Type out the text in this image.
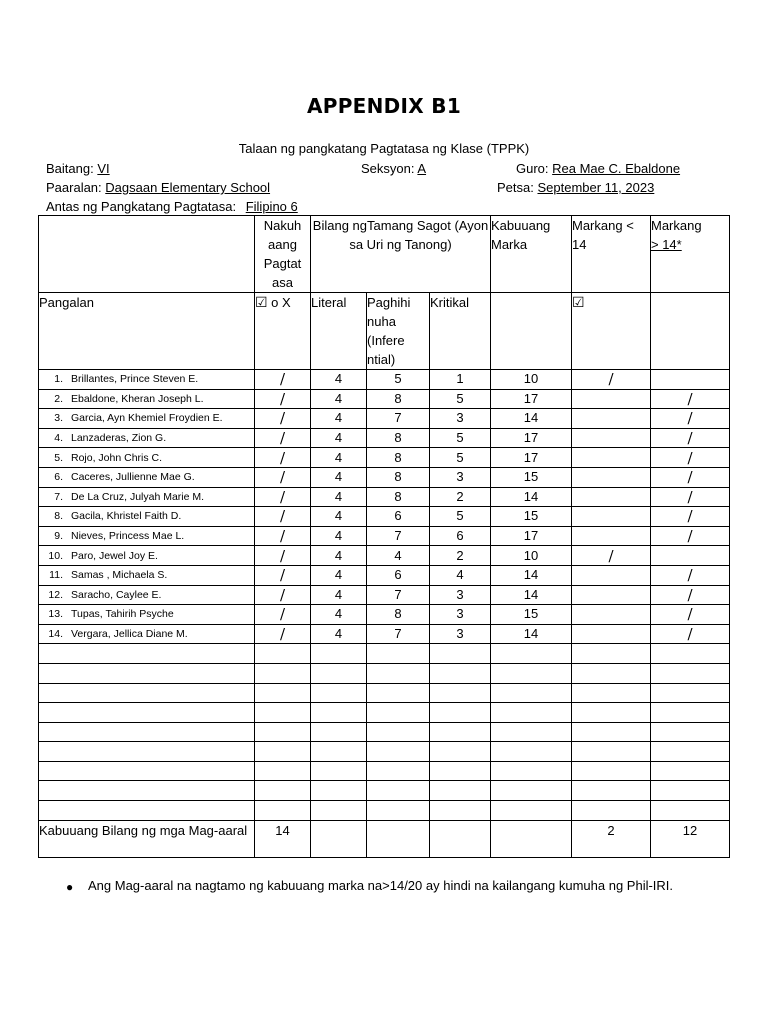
APPENDIX B1
Talaan ng pangkatang Pagtatasa ng Klase (TPPK)
Baitang: VI	Seksyon: A	Guro: Rea Mae C. Ebaldone
Paaralan: Dagsaan Elementary School	Petsa: September 11, 2023
Antas ng Pangkatang Pagtatasa: Filipino 6
	Nakuh aang Pagtat asa	Bilang ngTamang Sagot (Ayon sa Uri ng Tanong)			Kabuuang Marka	Markang < 14	Markang
> 14*
Pangalan	☑ o X	Literal	Paghihi nuha (Infere ntial)	Kritikal		☑	
1. Brillantes, Prince Steven E.	/	4	5	1	10	/	
2. Ebaldone, Kheran Joseph L.	/	4	8	5	17		/
3. Garcia, Ayn Khemiel Froydien E.	/	4	7	3	14		/
4. Lanzaderas, Zion G.	/	4	8	5	17		/
5. Rojo, John Chris C.	/	4	8	5	17		/
6. Caceres, Jullienne Mae G.	/	4	8	3	15		/
7. De La Cruz, Julyah Marie M.	/	4	8	2	14		/
8. Gacila, Khristel Faith D.	/	4	6	5	15		/
9. Nieves, Princess Mae L.	/	4	7	6	17		/
10. Paro, Jewel Joy E.	/	4	4	2	10	/	
11. Samas , Michaela S.	/	4	6	4	14		/
12. Saracho, Caylee E.	/	4	7	3	14		/
13. Tupas, Tahirih Psyche	/	4	8	3	15		/
14. Vergara, Jellica Diane M.	/	4	7	3	14		/

Kabuuang Bilang ng mga Mag-aaral	14					2	12
● Ang Mag-aaral na nagtamo ng kabuuang marka na>14/20 ay hindi na kailangang kumuha ng Phil-IRI.
